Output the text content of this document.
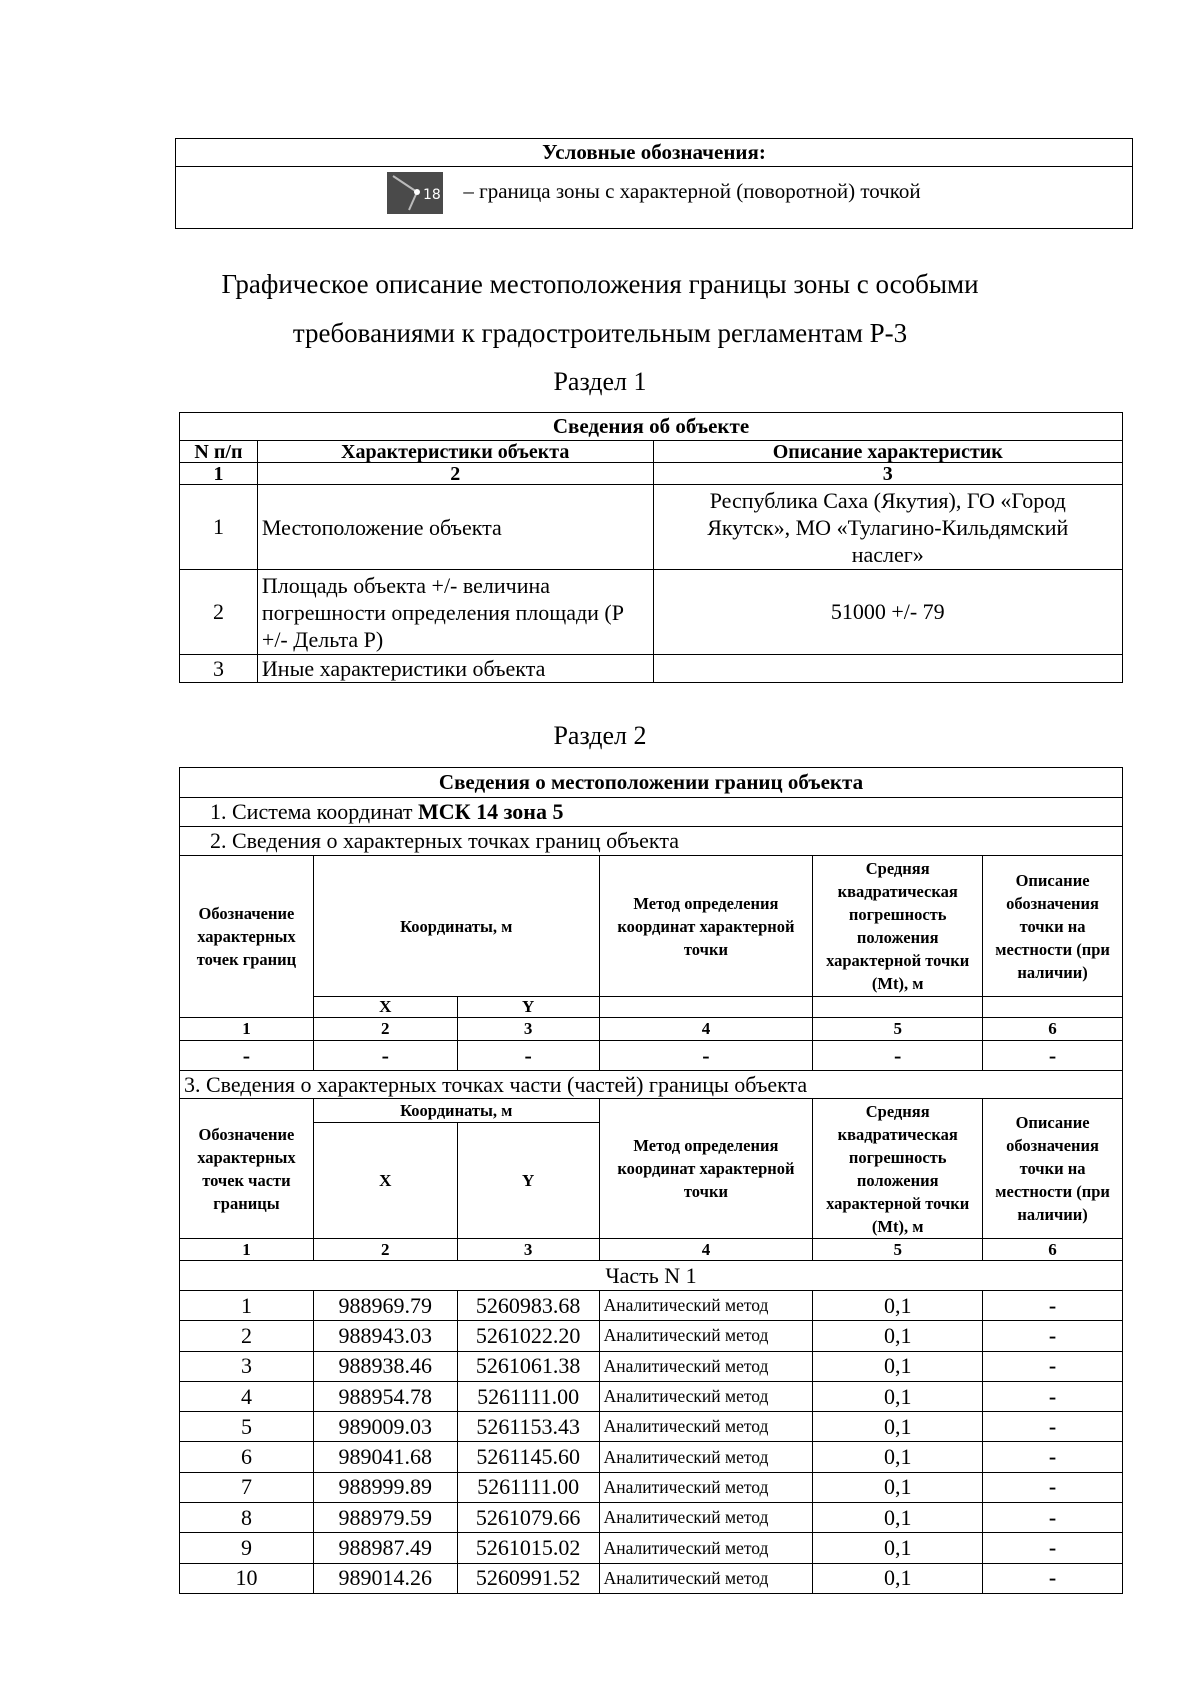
Условные обозначения:

18 – граница зоны с характерной (поворотной) точкой
Графическое описание местоположения границы зоны с особыми
требованиями к градостроительным регламентам Р-3
Раздел 1
Сведения об объекте		
N п/п	Характеристики объекта	Описание характеристик
1	2	3
1	Местоположение объекта	Республика Саха (Якутия), ГО «Город Якутск», МО «Тулагино-Кильдямский наслег»
2	Площадь объекта +/- величина погрешности определения площади (Р +/- Дельта Р)	51000 +/- 79
3	Иные характеристики объекта	
Раздел 2
Сведения о местоположении границ объекта					
1. Система координат МСК 14 зона 5					
2. Сведения о характерных точках границ объекта					
Обозначение характерных точек границ	Координаты, м		Метод определения координат характерной точки	Средняя квадратическая погрешность положения характерной точки (Mt), м	Описание обозначения точки на местности (при наличии)
	X	Y			
1	2	3	4	5	6
-	-	-	-	-	-
3. Сведения о характерных точках части (частей) границы объекта					
Обозначение характерных точек части границы	Координаты, м		Метод определения координат характерной точки	Средняя квадратическая погрешность положения характерной точки (Mt), м	Описание обозначения точки на местности (при наличии)
	X	Y			
1	2	3	4	5	6
Часть N 1					
1	988969.79	5260983.68	Аналитический метод	0,1	-
2	988943.03	5261022.20	Аналитический метод	0,1	-
3	988938.46	5261061.38	Аналитический метод	0,1	-
4	988954.78	5261111.00	Аналитический метод	0,1	-
5	989009.03	5261153.43	Аналитический метод	0,1	-
6	989041.68	5261145.60	Аналитический метод	0,1	-
7	988999.89	5261111.00	Аналитический метод	0,1	-
8	988979.59	5261079.66	Аналитический метод	0,1	-
9	988987.49	5261015.02	Аналитический метод	0,1	-
10	989014.26	5260991.52	Аналитический метод	0,1	-
